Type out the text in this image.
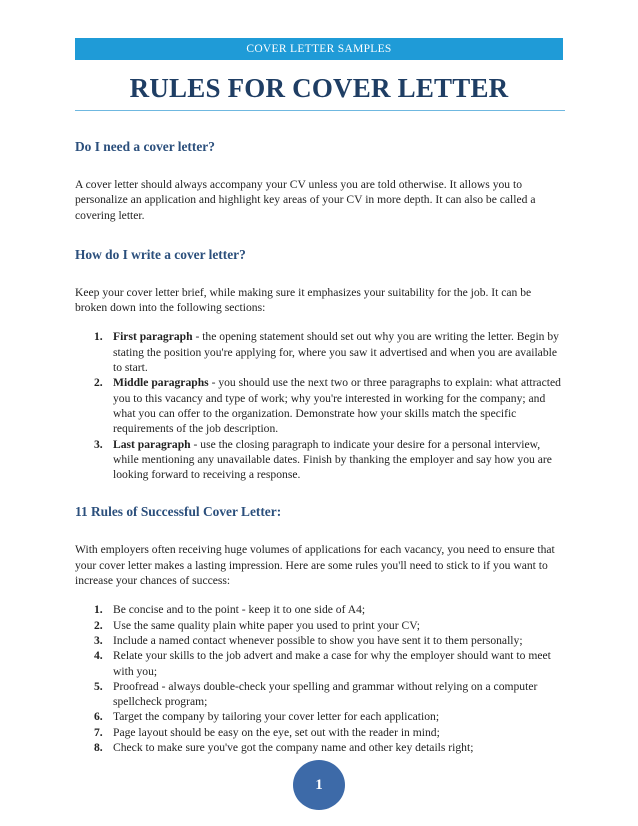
COVER LETTER SAMPLES
RULES FOR COVER LETTER
Do I need a cover letter?

A cover letter should always accompany your CV unless you are told otherwise. It allows you to personalize an application and highlight key areas of your CV in more depth. It can also be called a covering letter.

How do I write a cover letter?

Keep your cover letter brief, while making sure it emphasizes your suitability for the job. It can be broken down into the following sections:

1. First paragraph - the opening statement should set out why you are writing the letter. Begin by stating the position you're applying for, where you saw it advertised and when you are available to start.
2. Middle paragraphs - you should use the next two or three paragraphs to explain: what attracted you to this vacancy and type of work; why you're interested in working for the company; and what you can offer to the organization. Demonstrate how your skills match the specific requirements of the job description.
3. Last paragraph - use the closing paragraph to indicate your desire for a personal interview, while mentioning any unavailable dates. Finish by thanking the employer and say how you are looking forward to receiving a response.
11 Rules of Successful Cover Letter:

With employers often receiving huge volumes of applications for each vacancy, you need to ensure that your cover letter makes a lasting impression. Here are some rules you'll need to stick to if you want to increase your chances of success:

1. Be concise and to the point - keep it to one side of A4;
2. Use the same quality plain white paper you used to print your CV;
3. Include a named contact whenever possible to show you have sent it to them personally;
4. Relate your skills to the job advert and make a case for why the employer should want to meet with you;
5. Proofread - always double-check your spelling and grammar without relying on a computer spellcheck program;
6. Target the company by tailoring your cover letter for each application;
7. Page layout should be easy on the eye, set out with the reader in mind;
8. Check to make sure you've got the company name and other key details right;
1
